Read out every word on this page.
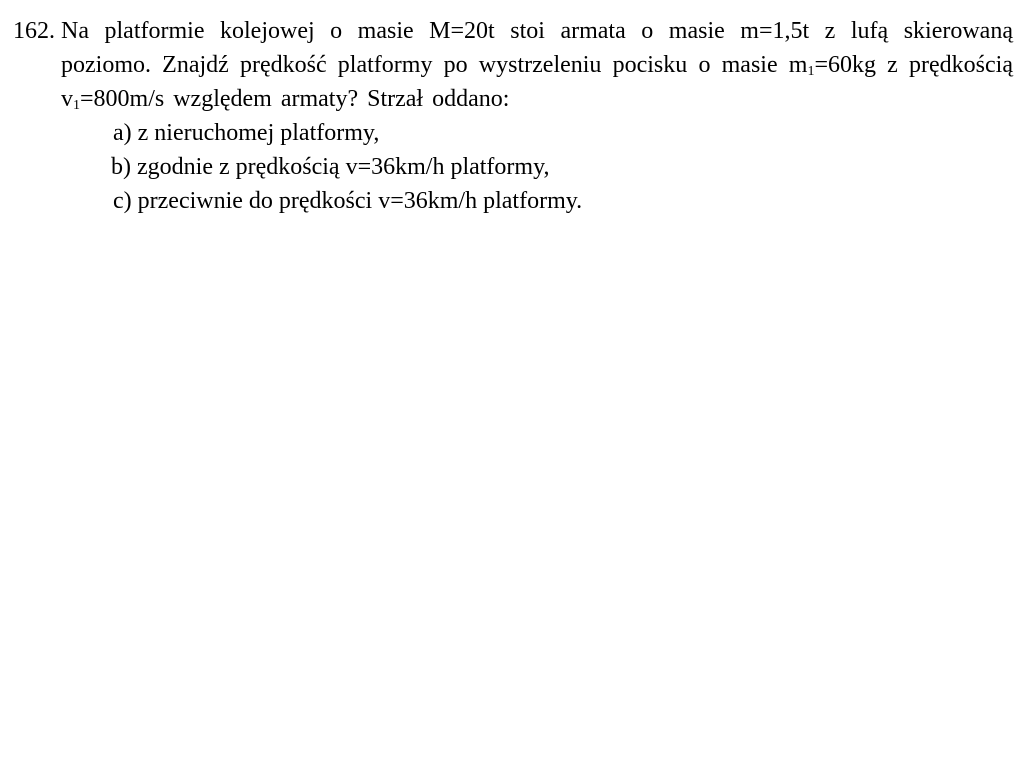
162. Na platformie kolejowej o masie M=20t stoi armata o masie m=1,5t z lufą skierowaną poziomo. Znajdź prędkość platformy po wystrzeleniu pocisku o masie $m_1=60kg$ z prędkością $v_1=800m/s$ względem armaty? Strzał oddano:
a) z nieruchomej platformy,
b) zgodnie z prędkością v=36km/h platformy,
c) przeciwnie do prędkości v=36km/h platformy.
